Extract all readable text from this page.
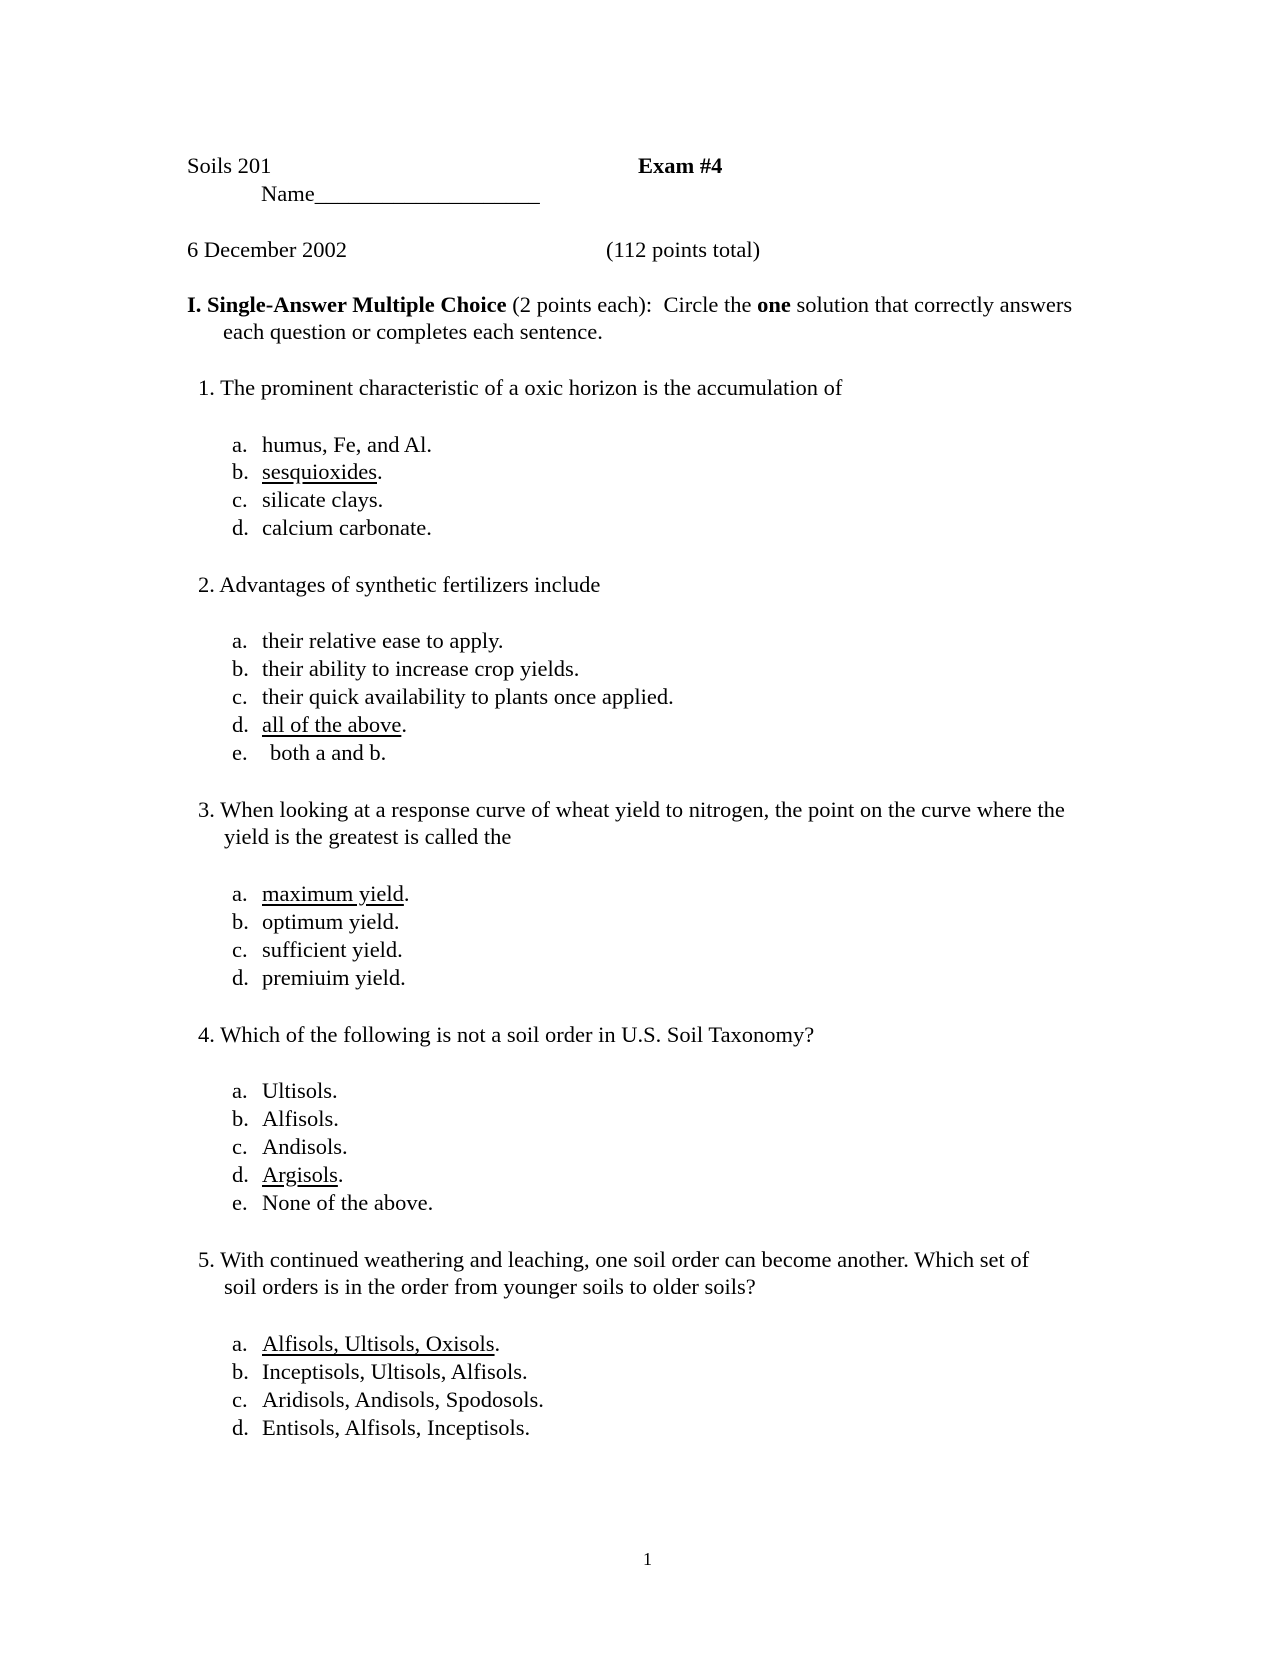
Soils 201	Exam #4
Name____________________
6 December 2002	(112 points total)
I. Single-Answer Multiple Choice (2 points each): Circle the one solution that correctly answers
each question or completes each sentence.
1. The prominent characteristic of a oxic horizon is the accumulation of
a. humus, Fe, and Al.
b. sesquioxides.
c. silicate clays.
d. calcium carbonate.
2. Advantages of synthetic fertilizers include
a. their relative ease to apply.
b. their ability to increase crop yields.
c. their quick availability to plants once applied.
d. all of the above.
e. both a and b.
3. When looking at a response curve of wheat yield to nitrogen, the point on the curve where the
yield is the greatest is called the
a. maximum yield.
b. optimum yield.
c. sufficient yield.
d. premiuim yield.
4. Which of the following is not a soil order in U.S. Soil Taxonomy?
a. Ultisols.
b. Alfisols.
c. Andisols.
d. Argisols.
e. None of the above.
5. With continued weathering and leaching, one soil order can become another. Which set of
soil orders is in the order from younger soils to older soils?
a. Alfisols, Ultisols, Oxisols.
b. Inceptisols, Ultisols, Alfisols.
c. Aridisols, Andisols, Spodosols.
d. Entisols, Alfisols, Inceptisols.
1
